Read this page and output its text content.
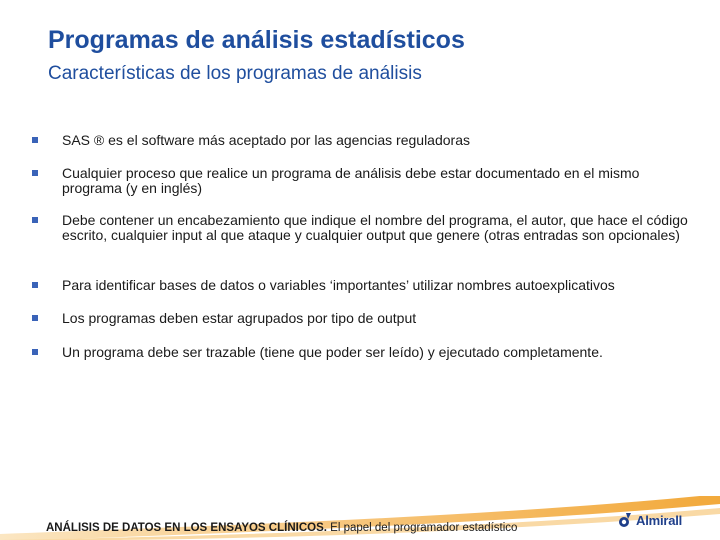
Programas de análisis estadísticos
Características de los programas de análisis
SAS ® es el software más aceptado por las agencias reguladoras
Cualquier proceso que realice un programa de análisis debe estar documentado en el mismo programa (y en inglés)
Debe contener un encabezamiento que indique el nombre del programa, el autor, que hace el código escrito, cualquier input al que ataque y cualquier output que genere (otras entradas son opcionales)
Para identificar bases de datos o variables ‘importantes’ utilizar nombres autoexplicativos
Los programas deben estar agrupados por tipo de output
Un programa debe ser trazable (tiene que poder ser leído) y ejecutado completamente.
ANÁLISIS DE DATOS EN LOS ENSAYOS CLÍNICOS. El papel del programador estadístico
Almirall
